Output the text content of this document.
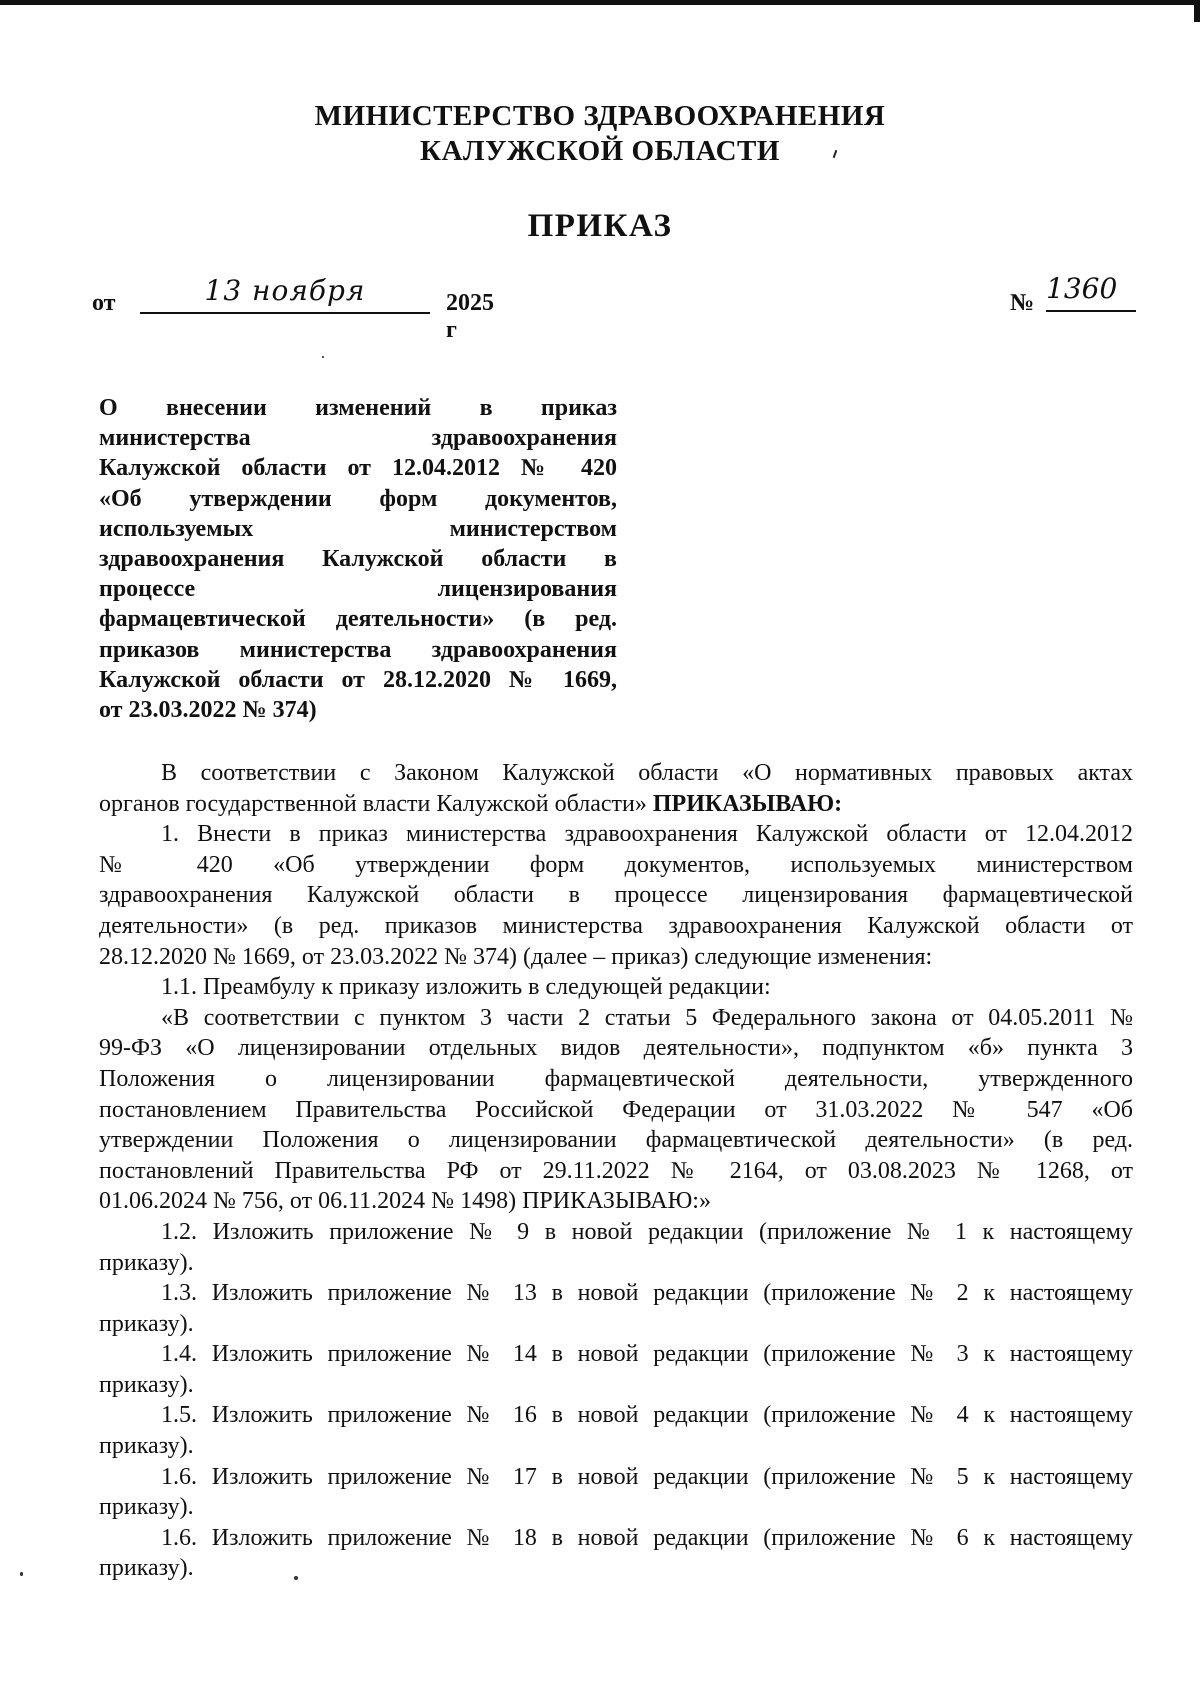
МИНИСТЕРСТВО ЗДРАВООХРАНЕНИЯ
КАЛУЖСКОЙ ОБЛАСТИ
ПРИКАЗ
от	13 ноября	2025 г
№ 1360
О внесении изменений в приказ
министерства здравоохранения
Калужской области от 12.04.2012 № 420
«Об утверждении форм документов,
используемых министерством
здравоохранения Калужской области в
процессе лицензирования
фармацевтической деятельности» (в ред.
приказов министерства здравоохранения
Калужской области от 28.12.2020 № 1669,
от 23.03.2022 № 374)
В соответствии с Законом Калужской области «О нормативных правовых актах
органов государственной власти Калужской области» ПРИКАЗЫВАЮ:
1. Внести в приказ министерства здравоохранения Калужской области от 12.04.2012
№ 420 «Об утверждении форм документов, используемых министерством
здравоохранения Калужской области в процессе лицензирования фармацевтической
деятельности» (в ред. приказов министерства здравоохранения Калужской области от
28.12.2020 № 1669, от 23.03.2022 № 374) (далее – приказ) следующие изменения:
1.1. Преамбулу к приказу изложить в следующей редакции:
«В соответствии с пунктом 3 части 2 статьи 5 Федерального закона от 04.05.2011 №
99-ФЗ «О лицензировании отдельных видов деятельности», подпунктом «б» пункта 3
Положения о лицензировании фармацевтической деятельности, утвержденного
постановлением Правительства Российской Федерации от 31.03.2022 № 547 «Об
утверждении Положения о лицензировании фармацевтической деятельности» (в ред.
постановлений Правительства РФ от 29.11.2022 № 2164, от 03.08.2023 № 1268, от
01.06.2024 № 756, от 06.11.2024 № 1498) ПРИКАЗЫВАЮ:»
1.2. Изложить приложение № 9 в новой редакции (приложение № 1 к настоящему
приказу).
1.3. Изложить приложение № 13 в новой редакции (приложение № 2 к настоящему
приказу).
1.4. Изложить приложение № 14 в новой редакции (приложение № 3 к настоящему
приказу).
1.5. Изложить приложение № 16 в новой редакции (приложение № 4 к настоящему
приказу).
1.6. Изложить приложение № 17 в новой редакции (приложение № 5 к настоящему
приказу).
1.6. Изложить приложение № 18 в новой редакции (приложение № 6 к настоящему
приказу).
